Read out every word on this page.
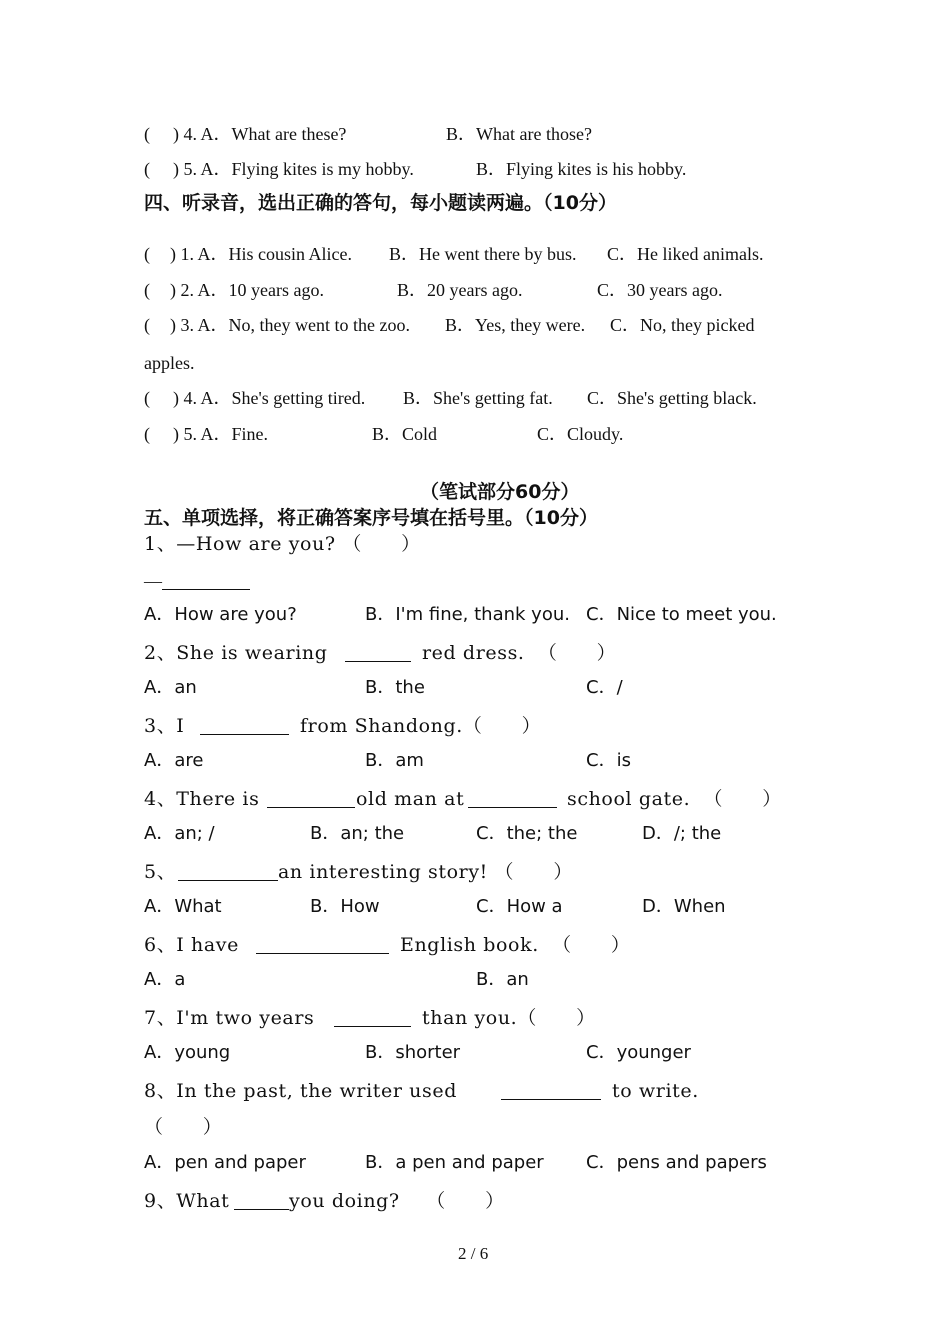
( ) 4. A．What are these?	B．What are those?
( ) 5. A．Flying kites is my hobby.	B．Flying kites is his hobby.
四、听录音，选出正确的答句，每小题读两遍。（10分）
( ) 1. A．His cousin Alice. B．He went there by bus. C．He liked animals.
( ) 2. A．10 years ago.	B．20 years ago.	C．30 years ago.
( ) 3. A．No, they went to the zoo. B．Yes, they were. C．No, they picked
apples.
( ) 4. A．She's getting tired. B．She's getting fat. C．She's getting black.
( ) 5. A．Fine.	B．Cold	C．Cloudy.
（笔试部分60分）
五、单项选择，将正确答案序号填在括号里。（10分）
1、—How are you? （　　）
—
A．How are you?	B．I'm fine, thank you. C．Nice to meet you.
2、She is wearing	red dress.  （　　）
A．an	B．the	C．/
3、I	from Shandong.（　　）
A．are	B．am	C．is
4、There is	old man at	school gate.  （　　）
A．an; /	B．an; the	C．the; the	D．/; the
5、	an interesting story! （　　）
A．What	B．How	C．How a	D．When
6、I have	English book.  （　　）
A．a	B．an
7、I'm two years	than you.（　　）
A．young	B．shorter	C．younger
8、In the past, the writer used	to write.
（　　）
A．pen and paper	B．a pen and paper C．pens and papers
9、What	you doing?    （　　）
2 / 6
